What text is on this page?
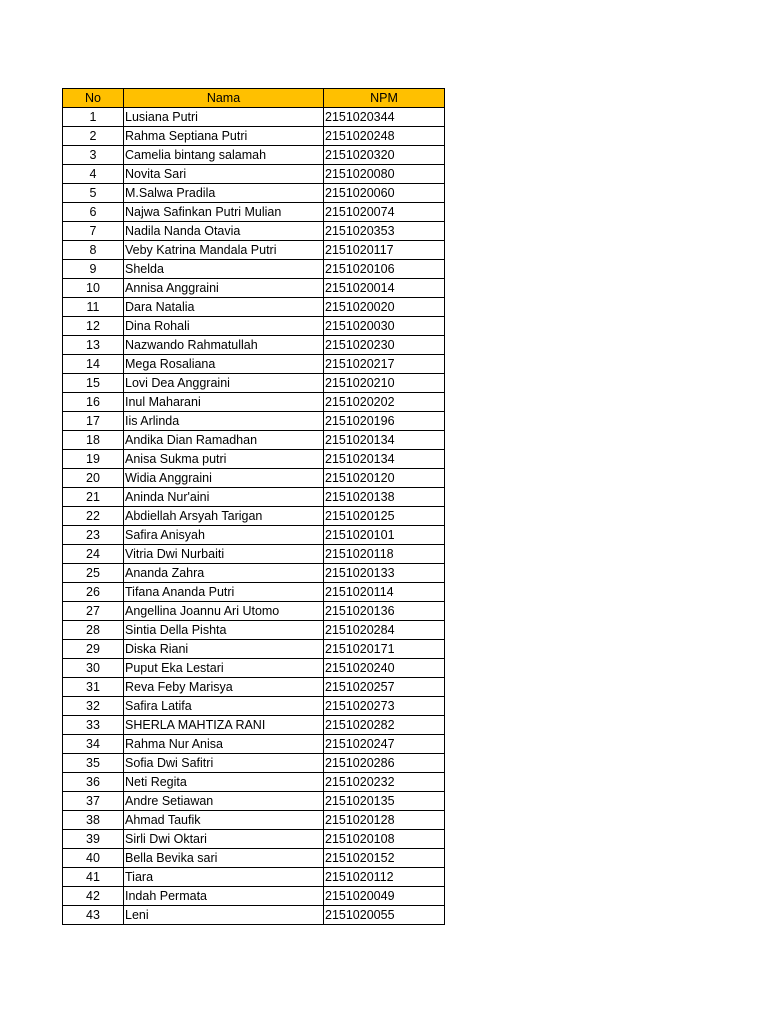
No	Nama	NPM
1	Lusiana Putri	2151020344
2	Rahma Septiana Putri	2151020248
3	Camelia bintang salamah	2151020320
4	Novita Sari	2151020080
5	M.Salwa Pradila	2151020060
6	Najwa Safinkan Putri Mulian	2151020074
7	Nadila Nanda Otavia	2151020353
8	Veby Katrina Mandala Putri	2151020117
9	Shelda	2151020106
10	Annisa Anggraini	2151020014
11	Dara Natalia	2151020020
12	Dina Rohali	2151020030
13	Nazwando Rahmatullah	2151020230
14	Mega Rosaliana	2151020217
15	Lovi Dea Anggraini	2151020210
16	Inul Maharani	2151020202
17	Iis Arlinda	2151020196
18	Andika Dian Ramadhan	2151020134
19	Anisa Sukma putri	2151020134
20	Widia Anggraini	2151020120
21	Aninda Nur'aini	2151020138
22	Abdiellah Arsyah Tarigan	2151020125
23	Safira Anisyah	2151020101
24	Vitria Dwi Nurbaiti	2151020118
25	Ananda Zahra	2151020133
26	Tifana Ananda Putri	2151020114
27	Angellina Joannu Ari Utomo	2151020136
28	Sintia Della Pishta	2151020284
29	Diska Riani	2151020171
30	Puput Eka Lestari	2151020240
31	Reva Feby Marisya	2151020257
32	Safira Latifa	2151020273
33	SHERLA MAHTIZA RANI	2151020282
34	Rahma Nur Anisa	2151020247
35	Sofia Dwi Safitri	2151020286
36	Neti Regita	2151020232
37	Andre Setiawan	2151020135
38	Ahmad Taufik	2151020128
39	Sirli Dwi Oktari	2151020108
40	Bella Bevika sari	2151020152
41	Tiara	2151020112
42	Indah Permata	2151020049
43	Leni	2151020055
